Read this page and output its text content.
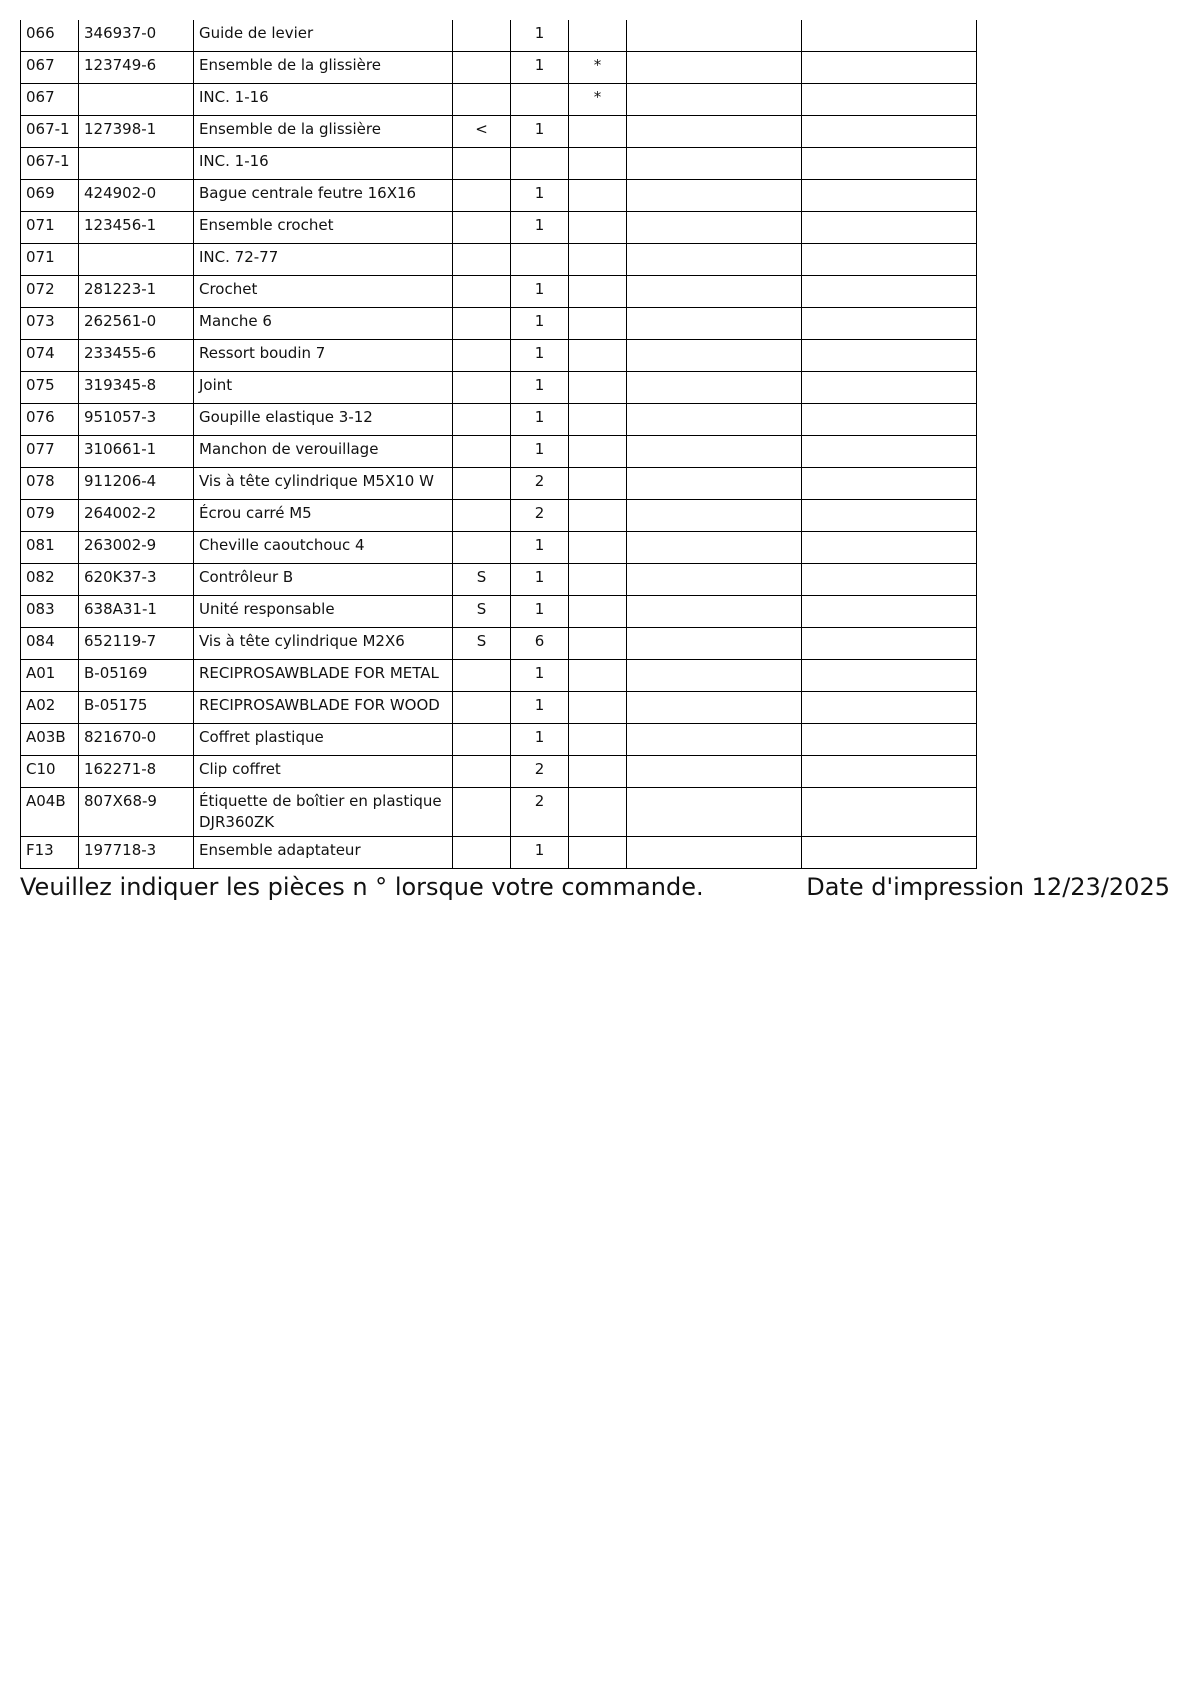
066	346937-0	Guide de levier		1			
067	123749-6	Ensemble de la glissière		1	*		
067		INC. 1-16			*		
067-1	127398-1	Ensemble de la glissière	<	1			
067-1		INC. 1-16					
069	424902-0	Bague centrale feutre 16X16		1			
071	123456-1	Ensemble crochet		1			
071		INC. 72-77					
072	281223-1	Crochet		1			
073	262561-0	Manche 6		1			
074	233455-6	Ressort boudin 7		1			
075	319345-8	Joint		1			
076	951057-3	Goupille elastique 3-12		1			
077	310661-1	Manchon de verouillage		1			
078	911206-4	Vis à tête cylindrique M5X10 W		2			
079	264002-2	Écrou carré M5		2			
081	263002-9	Cheville caoutchouc 4		1			
082	620K37-3	Contrôleur B	S	1			
083	638A31-1	Unité responsable	S	1			
084	652119-7	Vis à tête cylindrique M2X6	S	6			
A01	B-05169	RECIPROSAWBLADE FOR METAL		1			
A02	B-05175	RECIPROSAWBLADE FOR WOOD		1			
A03B	821670-0	Coffret plastique		1			
C10	162271-8	Clip coffret		2			
A04B	807X68-9	Étiquette de boîtier en plastique DJR360ZK		2			
F13	197718-3	Ensemble adaptateur		1			
Veuillez indiquer les pièces n ° lorsque votre commande.	Date d'impression 12/23/2025
